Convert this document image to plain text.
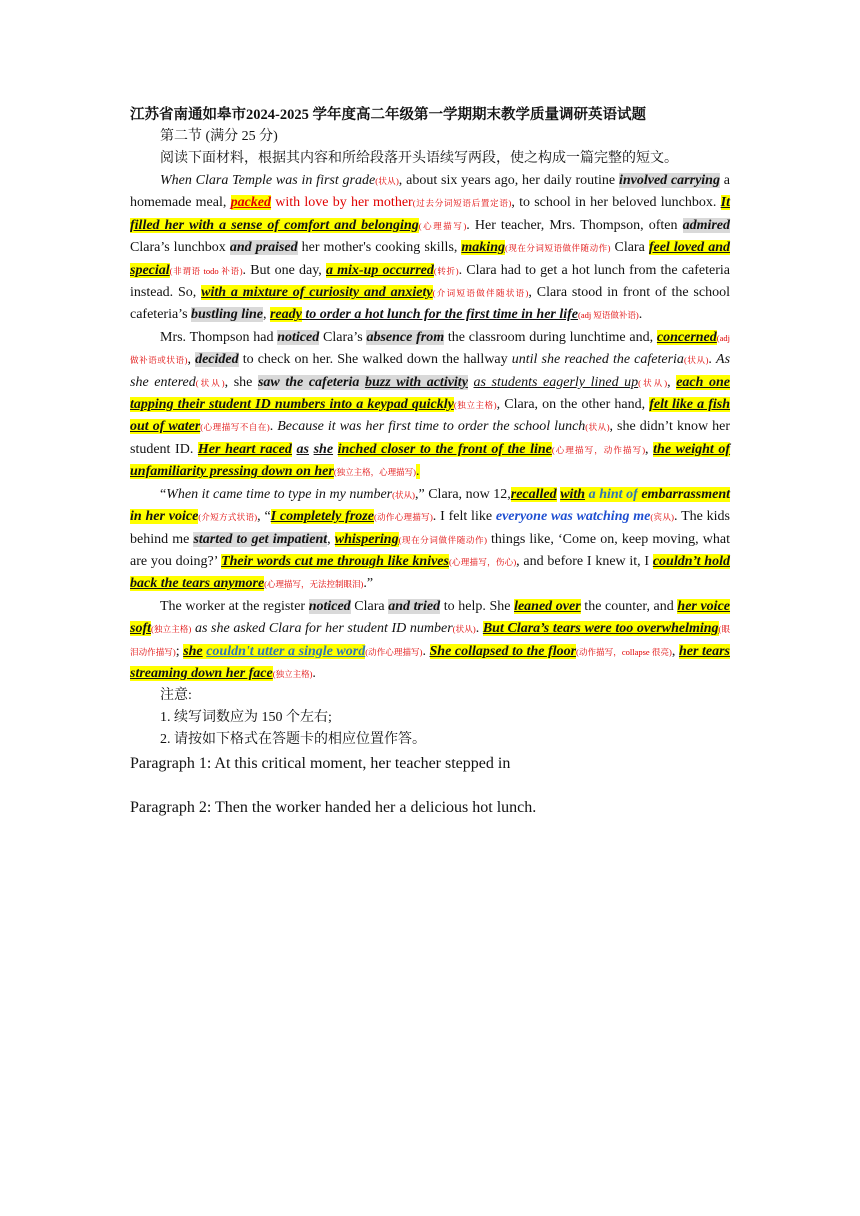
江苏省南通如皋市2024-2025 学年度高二年级第一学期期末教学质量调研英语试题

第二节 (满分 25 分)

阅读下面材料，根据其内容和所给段落开头语续写两段，使之构成一篇完整的短文。

When Clara Temple was in first grade(状从), about six years ago, her daily routine involved carrying a homemade meal, packed with love by her mother(过去分词短语后置定语), to school in her beloved lunchbox. It filled her with a sense of comfort and belonging(心理描写). Her teacher, Mrs. Thompson, often admired Clara’s lunchbox and praised her mother's cooking skills, making(现在分词短语做伴随动作) Clara feel loved and special(非谓语 todo 补语). But one day, a mix-up occurred(转折). Clara had to get a hot lunch from the cafeteria instead. So, with a mixture of curiosity and anxiety(介词短语做伴随状语), Clara stood in front of the school cafeteria’s bustling line, ready to order a hot lunch for the first time in her life(adj 短语做补语).

Mrs. Thompson had noticed Clara’s absence from the classroom during lunchtime and, concerned(adj 做补语或状语), decided to check on her. She walked down the hallway until she reached the cafeteria(状从). As she entered(状从), she saw the cafeteria buzz with activity as students eagerly lined up(状从), each one tapping their student ID numbers into a keypad quickly(独立主格), Clara, on the other hand, felt like a fish out of water(心理描写不自在). Because it was her first time to order the school lunch(状从), she didn’t know her student ID. Her heart raced as she inched closer to the front of the line(心理描写，动作描写), the weight of unfamiliarity pressing down on her(独立主格，心理描写).

“When it came time to type in my number(状从),” Clara, now 12,recalled with a hint of embarrassment in her voice(介短方式状语), “I completely froze(动作心理描写). I felt like everyone was watching me(宾从). The kids behind me started to get impatient, whispering(现在分词做伴随动作) things like, ‘Come on, keep moving, what are you doing?’ Their words cut me through like knives(心理描写，伤心), and before I knew it, I couldn’t hold back the tears anymore(心理描写，无法控制眼泪).”

The worker at the register noticed Clara and tried to help. She leaned over the counter, and her voice soft(独立主格) as she asked Clara for her student ID number(状从). But Clara’s tears were too overwhelming(眼泪动作描写); she couldn't utter a single word(动作心理描写). She collapsed to the floor(动作描写，collapse 很亮), her tears streaming down her face(独立主格).

注意:

1. 续写词数应为 150 个左右;

2. 请按如下格式在答题卡的相应位置作答。

Paragraph 1: At this critical moment, her teacher stepped in

Paragraph 2: Then the worker handed her a delicious hot lunch.
